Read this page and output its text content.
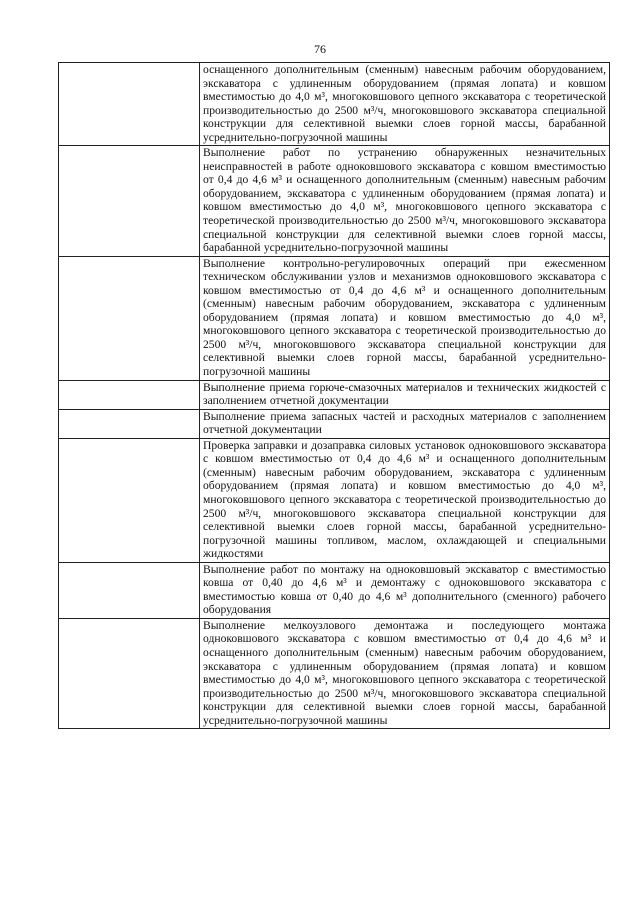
76
	оснащенного дополнительным (сменным) навесным рабочим оборудованием, экскаватора с удлиненным оборудованием (прямая лопата) и ковшом вместимостью до 4,0 м³, многоковшового цепного экскаватора с теоретической производительностью до 2500 м³/ч, многоковшового экскаватора специальной конструкции для селективной выемки слоев горной массы, барабанной усреднительно-погрузочной машины
	Выполнение работ по устранению обнаруженных незначительных неисправностей в работе одноковшового экскаватора с ковшом вместимостью от 0,4 до 4,6 м³ и оснащенного дополнительным (сменным) навесным рабочим оборудованием, экскаватора с удлиненным оборудованием (прямая лопата) и ковшом вместимостью до 4,0 м³, многоковшового цепного экскаватора с теоретической производительностью до 2500 м³/ч, многоковшового экскаватора специальной конструкции для селективной выемки слоев горной массы, барабанной усреднительно-погрузочной машины
	Выполнение контрольно-регулировочных операций при ежесменном техническом обслуживании узлов и механизмов одноковшового экскаватора с ковшом вместимостью от 0,4 до 4,6 м³ и оснащенного дополнительным (сменным) навесным рабочим оборудованием, экскаватора с удлиненным оборудованием (прямая лопата) и ковшом вместимостью до 4,0 м³, многоковшового цепного экскаватора с теоретической производительностью до 2500 м³/ч, многоковшового экскаватора специальной конструкции для селективной выемки слоев горной массы, барабанной усреднительно-погрузочной машины
	Выполнение приема горюче-смазочных материалов и технических жидкостей с заполнением отчетной документации
	Выполнение приема запасных частей и расходных материалов с заполнением отчетной документации
	Проверка заправки и дозаправка силовых установок одноковшового экскаватора с ковшом вместимостью от 0,4 до 4,6 м³ и оснащенного дополнительным (сменным) навесным рабочим оборудованием, экскаватора с удлиненным оборудованием (прямая лопата) и ковшом вместимостью до 4,0 м³, многоковшового цепного экскаватора с теоретической производительностью до 2500 м³/ч, многоковшового экскаватора специальной конструкции для селективной выемки слоев горной массы, барабанной усреднительно-погрузочной машины топливом, маслом, охлаждающей и специальными жидкостями
	Выполнение работ по монтажу на одноковшовый экскаватор с вместимостью ковша от 0,40 до 4,6 м³ и демонтажу с одноковшового экскаватора с вместимостью ковша от 0,40 до 4,6 м³ дополнительного (сменного) рабочего оборудования
	Выполнение мелкоузлового демонтажа и последующего монтажа одноковшового экскаватора с ковшом вместимостью от 0,4 до 4,6 м³ и оснащенного дополнительным (сменным) навесным рабочим оборудованием, экскаватора с удлиненным оборудованием (прямая лопата) и ковшом вместимостью до 4,0 м³, многоковшового цепного экскаватора с теоретической производительностью до 2500 м³/ч, многоковшового экскаватора специальной конструкции для селективной выемки слоев горной массы, барабанной усреднительно-погрузочной машины
